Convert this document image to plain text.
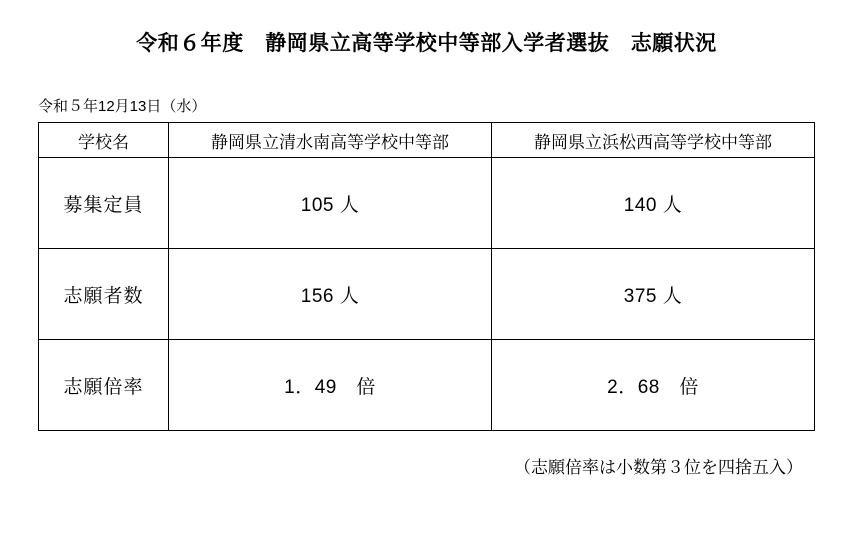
令和６年度　静岡県立高等学校中等部入学者選抜　志願状況

令和５年12月13日（水）

学校名	静岡県立清水南高等学校中等部	静岡県立浜松西高等学校中等部
募集定員	105 人	140 人
志願者数	156 人	375 人
志願倍率	1．49　倍	2．68　倍

（志願倍率は小数第３位を四捨五入）
